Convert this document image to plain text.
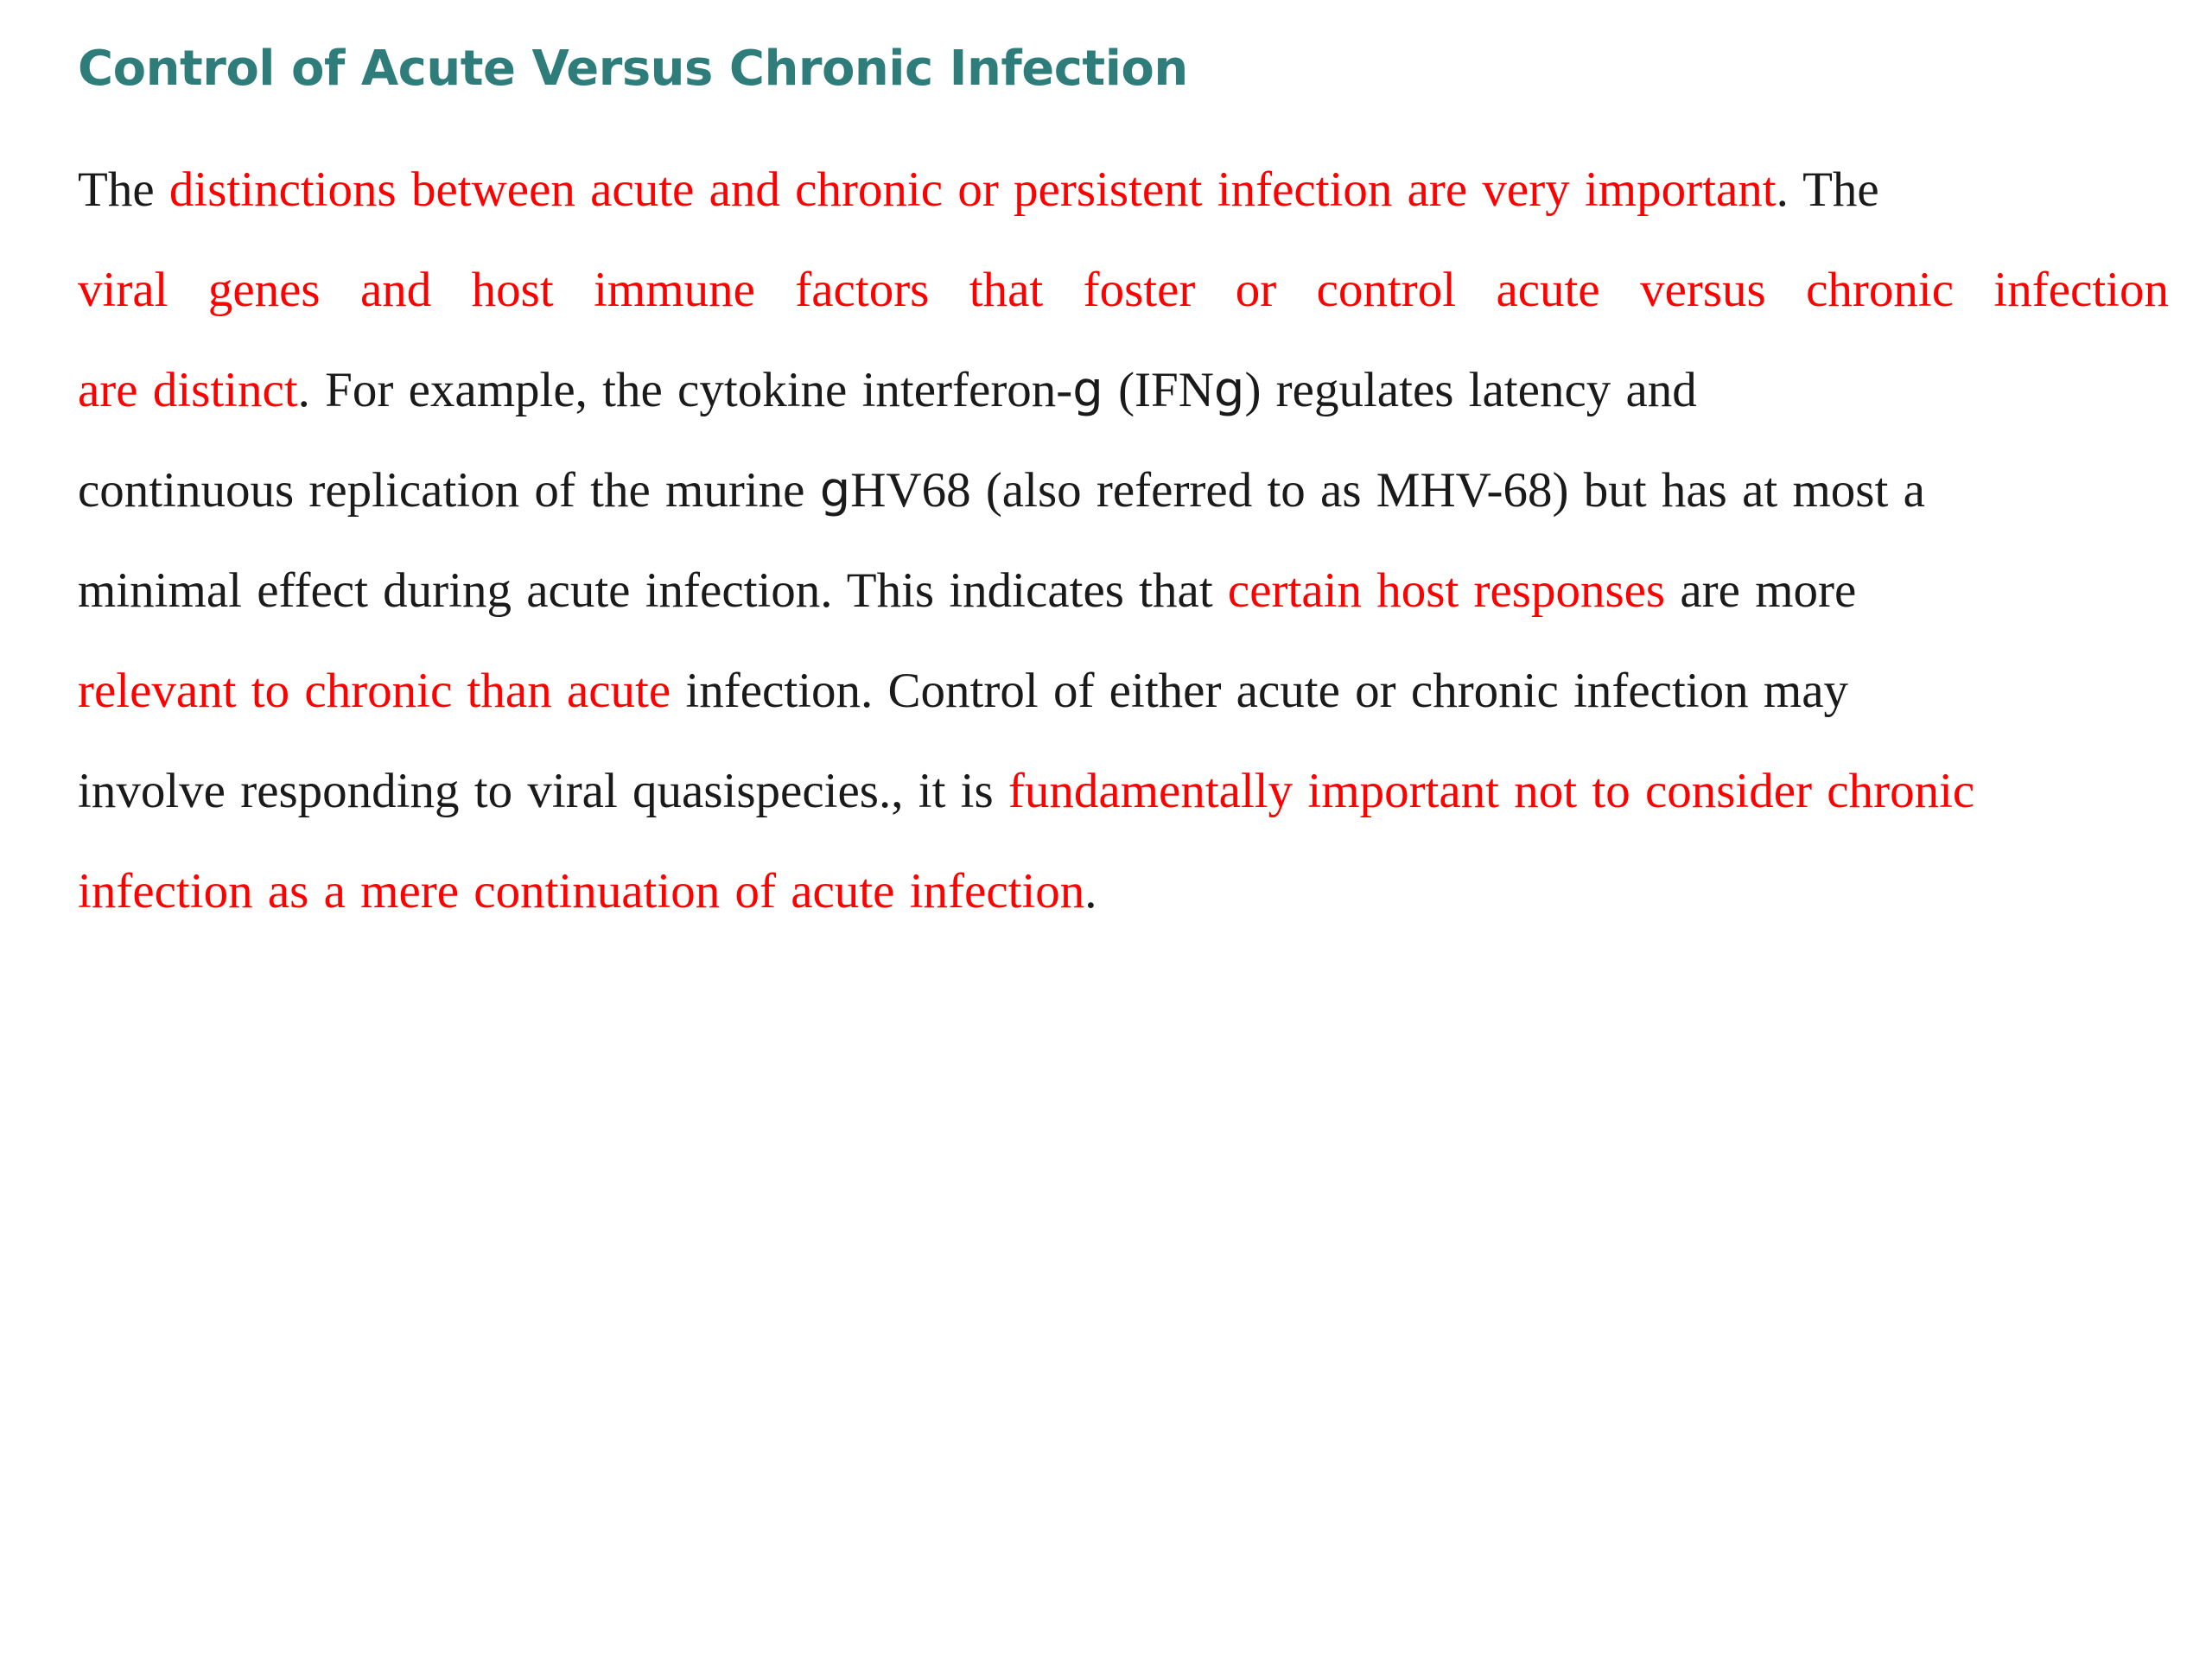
Control of Acute Versus Chronic Infection
The distinctions between acute and chronic or persistent infection are very important. The
viral genes and host immune factors that foster or control acute versus chronic infection
are distinct. For example, the cytokine interferon-g (IFNg) regulates latency and
continuous replication of the murine gHV68 (also referred to as MHV-68) but has at most a
minimal effect during acute infection. This indicates that certain host responses are more
relevant to chronic than acute infection. Control of either acute or chronic infection may
involve responding to viral quasispecies., it is fundamentally important not to consider chronic
infection as a mere continuation of acute infection.
